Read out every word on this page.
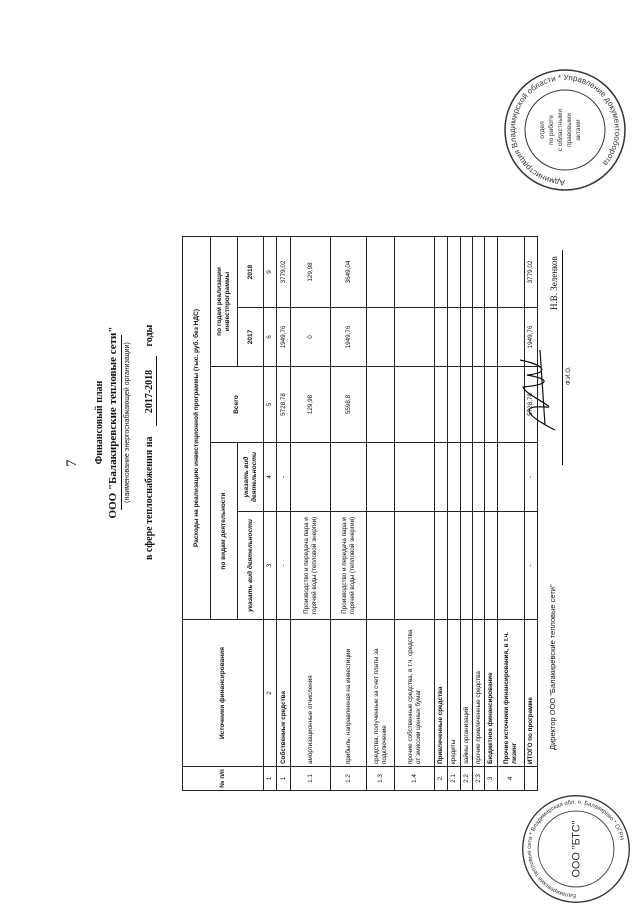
7 Финансовый план ООО "Балакиревские тепловые сети" (наименование энергоснабжающей организации) в сфере теплоснабжения на2017-2018годы
№ п/п	Источники финансирования	Расходы на реализацию инвестиционной программы (тыс. руб. без НДС)				
		по видам деятельности		Всего	по годам реализации инвестпрограммы	
		указать вид деятельности	указать вид деятельности		2017	2018
1	2	3	4	5	6	9
1	Собственные средства	-	-	5728,78	1949,76	3779,02
1.1	амортизационные отчисления	Производство и передача пара и горячей воды (тепловой энергии)		129,98	0	129,98
1.2	прибыль, направленная на инвестиции	Производство и передача пара и горячей воды (тепловой энергии)		5598,8	1949,76	3649,04
1.3	средства, полученные за счет платы за подключение					
1.4	прочие собственные средства, в т.ч. средства от эмиссии ценных бумаг					
2	Привлеченные средства					
2.1	кредиты					
2.2	займы организаций					
2.3	прочие привлеченные средства					
3	Бюджетное финансирование					
4	Прочие источники финансирования, в т.ч. лизинг					
	ИТОГО по программе	-	-	5728,78	1949,76	3779,02
Директор ООО "Балакиревские тепловые сети"
Н.В. Зеленков
Ф.И.О.
Администрация Владимирской области * Управление документооборота
отдел по работе с областными правовыми актами
Балакиревские тепловые сети * Владимирская обл. п. Балакирево * ОГРН
ООО "БТС"
